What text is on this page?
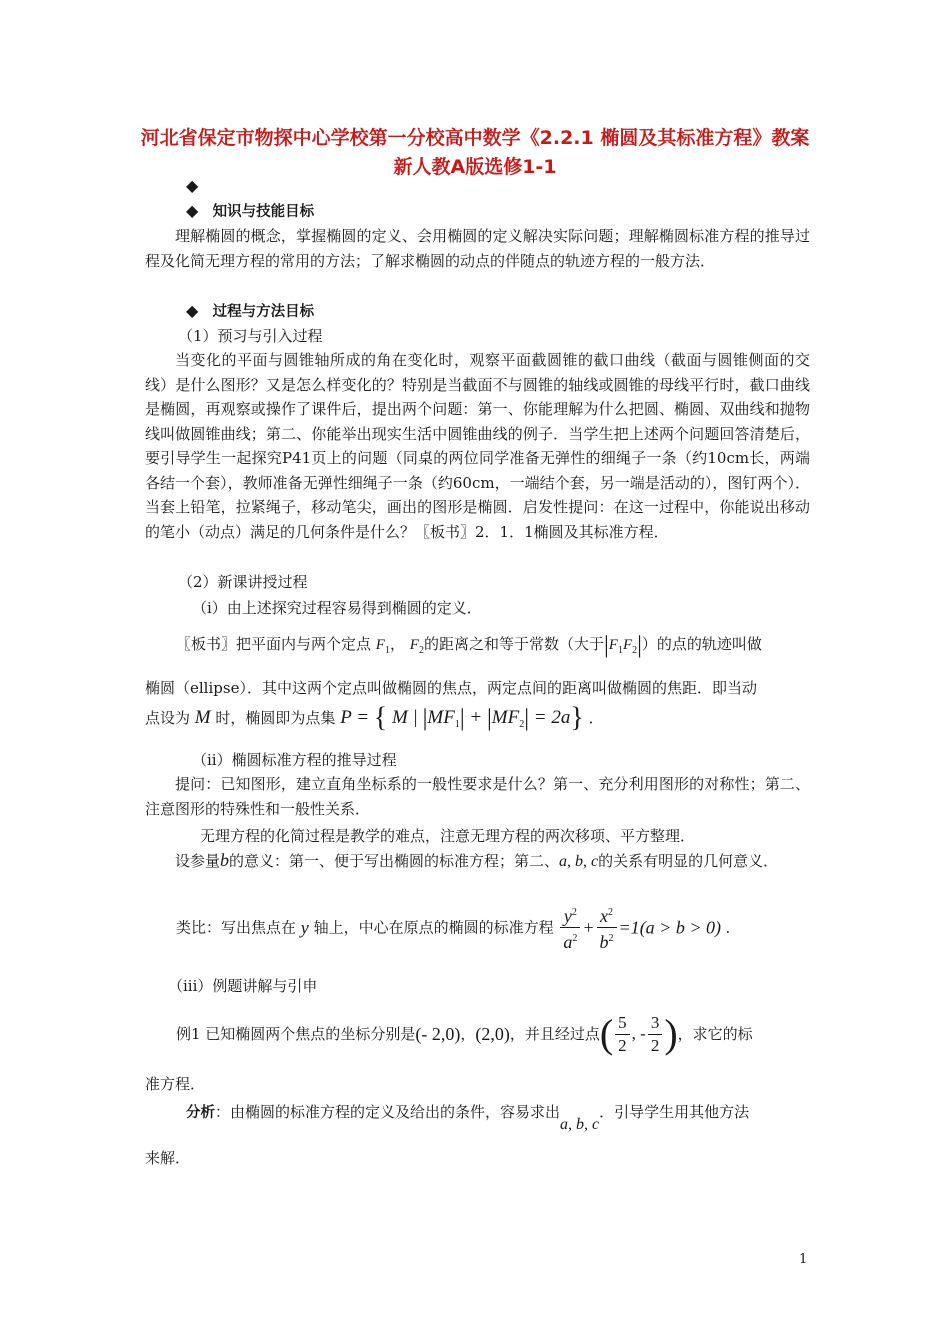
河北省保定市物探中心学校第一分校高中数学《2.2.1 椭圆及其标准方程》教案 新人教A版选修1-1
◆
◆ 知识与技能目标
理解椭圆的概念，掌握椭圆的定义、会用椭圆的定义解决实际问题；理解椭圆标准方程的推导过程及化简无理方程的常用的方法；了解求椭圆的动点的伴随点的轨迹方程的一般方法．
◆ 过程与方法目标
（1）预习与引入过程
当变化的平面与圆锥轴所成的角在变化时，观察平面截圆锥的截口曲线（截面与圆锥侧面的交线）是什么图形？又是怎么样变化的？特别是当截面不与圆锥的轴线或圆锥的母线平行时，截口曲线是椭圆，再观察或操作了课件后，提出两个问题：第一、你能理解为什么把圆、椭圆、双曲线和抛物线叫做圆锥曲线；第二、你能举出现实生活中圆锥曲线的例子．当学生把上述两个问题回答清楚后，要引导学生一起探究P41页上的问题（同桌的两位同学准备无弹性的细绳子一条（约10cm长，两端各结一个套），教师准备无弹性细绳子一条（约60cm，一端结个套，另一端是活动的），图钉两个）．当套上铅笔，拉紧绳子，移动笔尖，画出的图形是椭圆．启发性提问：在这一过程中，你能说出移动的笔小（动点）满足的几何条件是什么？〖板书〗2．1．1椭圆及其标准方程．
（2）新课讲授过程
（i）由上述探究过程容易得到椭圆的定义．
〖板书〗把平面内与两个定点 $F_1$， $F_2$的距离之和等于常数（大于$|F_1F_2|$）的点的轨迹叫做
椭圆（ellipse）．其中这两个定点叫做椭圆的焦点，两定点间的距离叫做椭圆的焦距．即当动
点设为 M 时，椭圆即为点集 P = { M | $|MF_1| + |MF_2| = 2a$} ．
（ii）椭圆标准方程的推导过程
提问：已知图形，建立直角坐标系的一般性要求是什么？第一、充分利用图形的对称性；第二、注意图形的特殊性和一般性关系．
无理方程的化简过程是教学的难点，注意无理方程的两次移项、平方整理．
设参量b的意义：第一、便于写出椭圆的标准方程；第二、a, b, c的关系有明显的几何意义．
类比：写出焦点在 y 轴上，中心在原点的椭圆的标准方程 $\frac{y^2}{a^2} + \frac{x^2}{b^2} =1(a > b > 0)$ ．
（iii）例题讲解与引申
例1 已知椭圆两个焦点的坐标分别是(- 2,0)，(2,0)，并且经过点( $\frac{5}{2}$ , - $\frac{3}{2}$ )，求它的标
准方程．
分析：由椭圆的标准方程的定义及给出的条件，容易求出a, b, c．引导学生用其他方法
来解．
1
